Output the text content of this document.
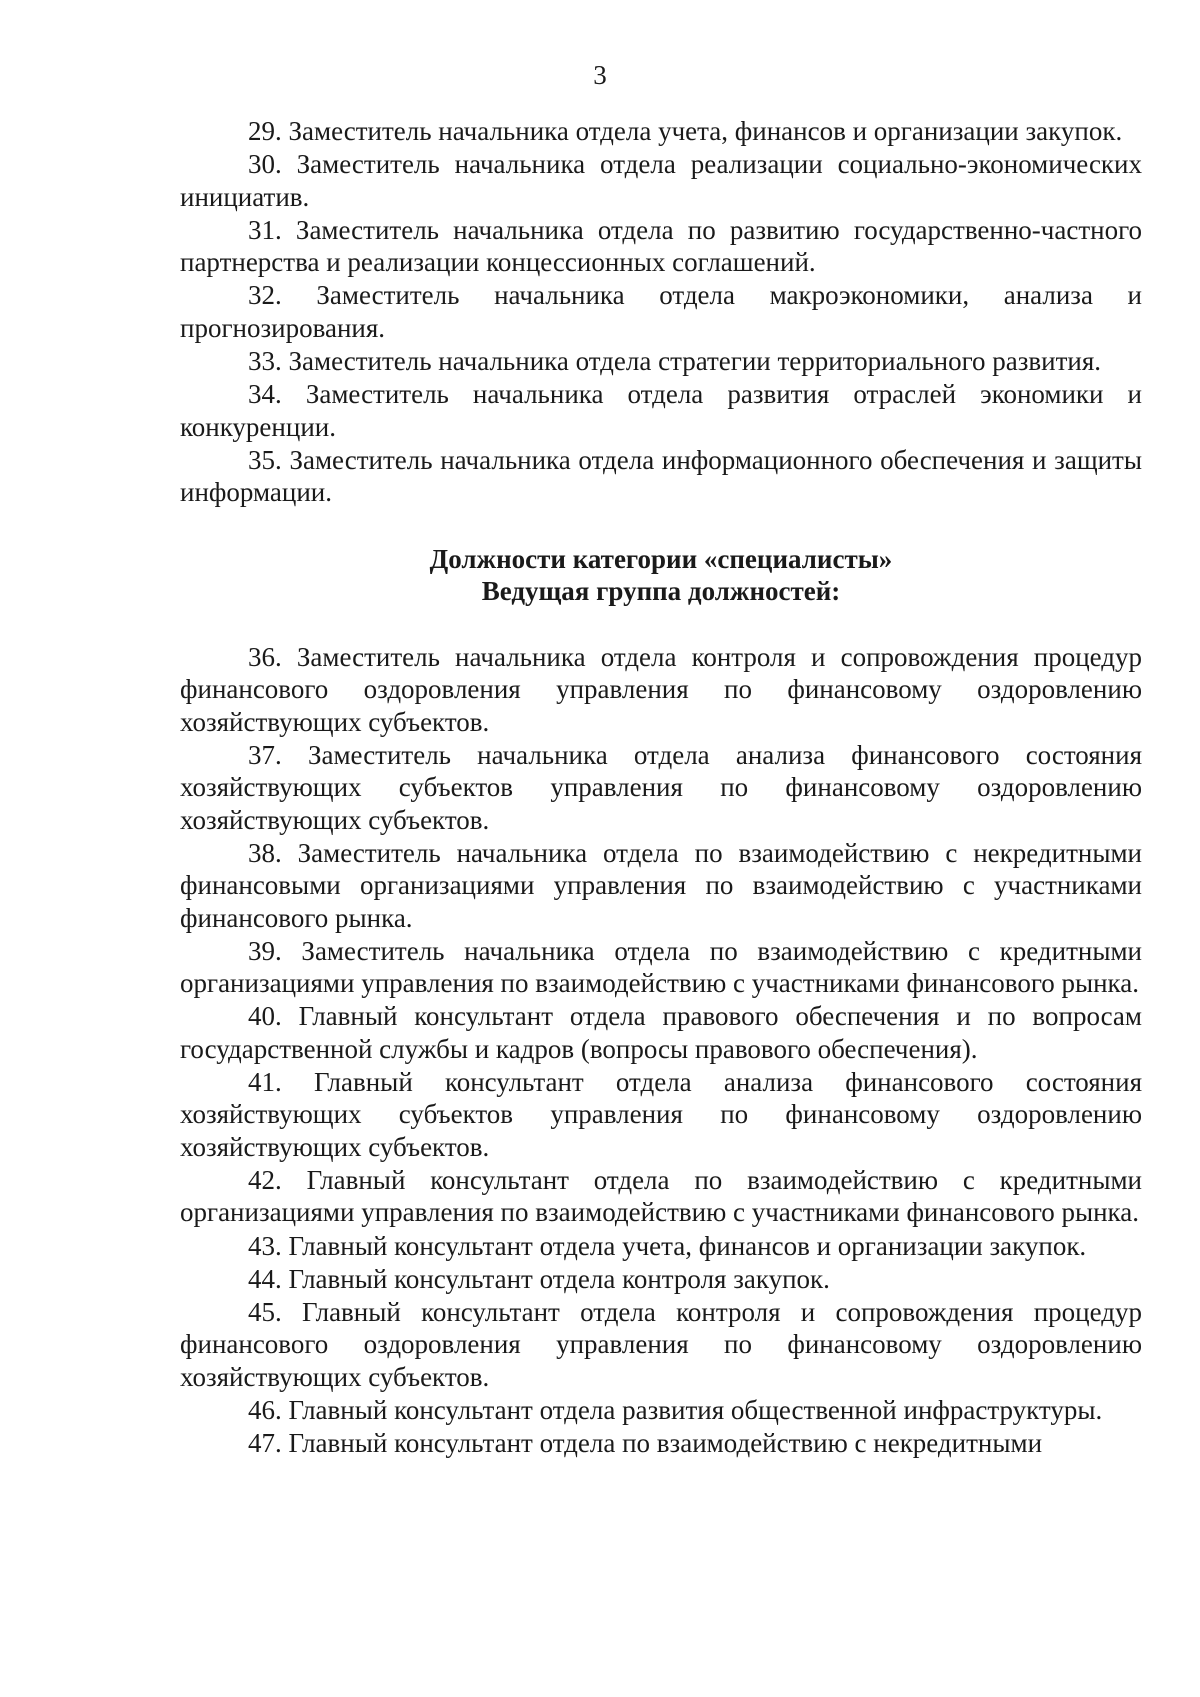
3

29. Заместитель начальника отдела учета, финансов и организации закупок.

30. Заместитель начальника отдела реализации социально-экономических инициатив.

31. Заместитель начальника отдела по развитию государственно-частного партнерства и реализации концессионных соглашений.

32. Заместитель начальника отдела макроэкономики, анализа и прогнозирования.

33. Заместитель начальника отдела стратегии территориального развития.

34. Заместитель начальника отдела развития отраслей экономики и конкуренции.

35. Заместитель начальника отдела информационного обеспечения и защиты информации.

Должности категории «специалисты»
Ведущая группа должностей:

36. Заместитель начальника отдела контроля и сопровождения процедур финансового оздоровления управления по финансовому оздоровлению хозяйствующих субъектов.

37. Заместитель начальника отдела анализа финансового состояния хозяйствующих субъектов управления по финансовому оздоровлению хозяйствующих субъектов.

38. Заместитель начальника отдела по взаимодействию с некредитными финансовыми организациями управления по взаимодействию с участниками финансового рынка.

39. Заместитель начальника отдела по взаимодействию с кредитными организациями управления по взаимодействию с участниками финансового рынка.

40. Главный консультант отдела правового обеспечения и по вопросам государственной службы и кадров (вопросы правового обеспечения).

41. Главный консультант отдела анализа финансового состояния хозяйствующих субъектов управления по финансовому оздоровлению хозяйствующих субъектов.

42. Главный консультант отдела по взаимодействию с кредитными организациями управления по взаимодействию с участниками финансового рынка.

43. Главный консультант отдела учета, финансов и организации закупок.

44. Главный консультант отдела контроля закупок.

45. Главный консультант отдела контроля и сопровождения процедур финансового оздоровления управления по финансовому оздоровлению хозяйствующих субъектов.

46. Главный консультант отдела развития общественной инфраструктуры.

47. Главный консультант отдела по взаимодействию с некредитными
